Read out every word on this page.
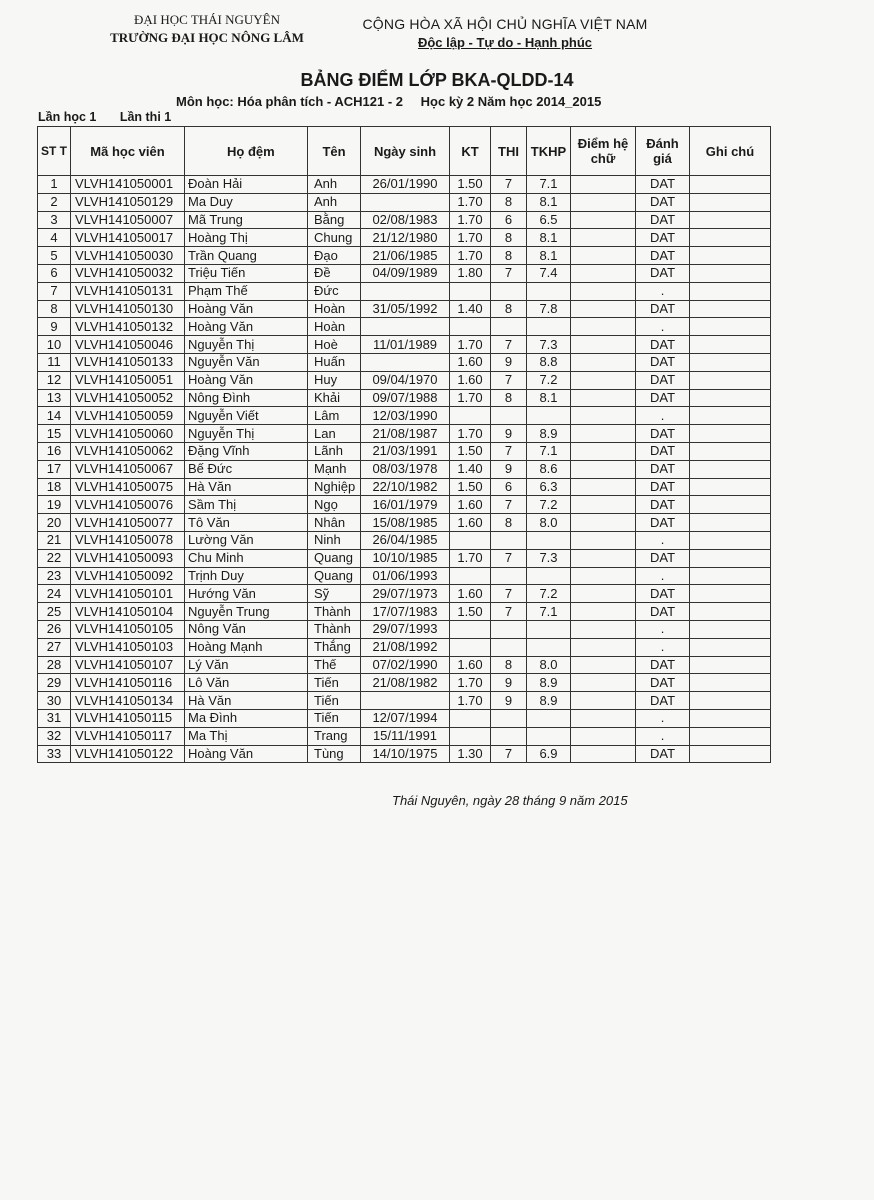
ĐẠI HỌC THÁI NGUYÊN
TRƯỜNG ĐẠI HỌC NÔNG LÂM
CỘNG HÒA XÃ HỘI CHỦ NGHĨA VIỆT NAM
Độc lập - Tự do - Hạnh phúc
BẢNG ĐIỂM LỚP BKA-QLDD-14
Môn học: Hóa phân tích - ACH121 - 2 Học kỳ 2 Năm học 2014_2015
Lần học 1 Lần thi 1
ST T	Mã học viên	Họ đệm	Tên	Ngày sinh	KT	THI	TKHP	Điểm hệ chữ	Đánh giá	Ghi chú
1	VLVH141050001	Đoàn Hải	Anh	26/01/1990	1.50	7	7.1		DAT	
2	VLVH141050129	Ma Duy	Anh		1.70	8	8.1		DAT	
3	VLVH141050007	Mã Trung	Bằng	02/08/1983	1.70	6	6.5		DAT	
4	VLVH141050017	Hoàng Thị	Chung	21/12/1980	1.70	8	8.1		DAT	
5	VLVH141050030	Trần Quang	Đạo	21/06/1985	1.70	8	8.1		DAT	
6	VLVH141050032	Triệu Tiến	Đề	04/09/1989	1.80	7	7.4		DAT	
7	VLVH141050131	Phạm Thế	Đức						.	
8	VLVH141050130	Hoàng Văn	Hoàn	31/05/1992	1.40	8	7.8		DAT	
9	VLVH141050132	Hoàng Văn	Hoàn						.	
10	VLVH141050046	Nguyễn Thị	Hoè	11/01/1989	1.70	7	7.3		DAT	
11	VLVH141050133	Nguyễn Văn	Huấn		1.60	9	8.8		DAT	
12	VLVH141050051	Hoàng Văn	Huy	09/04/1970	1.60	7	7.2		DAT	
13	VLVH141050052	Nông Đình	Khải	09/07/1988	1.70	8	8.1		DAT	
14	VLVH141050059	Nguyễn Viết	Lâm	12/03/1990					.	
15	VLVH141050060	Nguyễn Thị	Lan	21/08/1987	1.70	9	8.9		DAT	
16	VLVH141050062	Đặng Vĩnh	Lãnh	21/03/1991	1.50	7	7.1		DAT	
17	VLVH141050067	Bế Đức	Mạnh	08/03/1978	1.40	9	8.6		DAT	
18	VLVH141050075	Hà Văn	Nghiệp	22/10/1982	1.50	6	6.3		DAT	
19	VLVH141050076	Sầm Thị	Ngọ	16/01/1979	1.60	7	7.2		DAT	
20	VLVH141050077	Tô Văn	Nhân	15/08/1985	1.60	8	8.0		DAT	
21	VLVH141050078	Lường Văn	Ninh	26/04/1985					.	
22	VLVH141050093	Chu Minh	Quang	10/10/1985	1.70	7	7.3		DAT	
23	VLVH141050092	Trịnh Duy	Quang	01/06/1993					.	
24	VLVH141050101	Hướng Văn	Sỹ	29/07/1973	1.60	7	7.2		DAT	
25	VLVH141050104	Nguyễn Trung	Thành	17/07/1983	1.50	7	7.1		DAT	
26	VLVH141050105	Nông Văn	Thành	29/07/1993					.	
27	VLVH141050103	Hoàng Mạnh	Thắng	21/08/1992					.	
28	VLVH141050107	Lý Văn	Thế	07/02/1990	1.60	8	8.0		DAT	
29	VLVH141050116	Lô Văn	Tiến	21/08/1982	1.70	9	8.9		DAT	
30	VLVH141050134	Hà Văn	Tiến		1.70	9	8.9		DAT	
31	VLVH141050115	Ma Đình	Tiến	12/07/1994					.	
32	VLVH141050117	Ma Thị	Trang	15/11/1991					.	
33	VLVH141050122	Hoàng Văn	Tùng	14/10/1975	1.30	7	6.9		DAT	
Thái Nguyên, ngày 28 tháng 9 năm 2015
